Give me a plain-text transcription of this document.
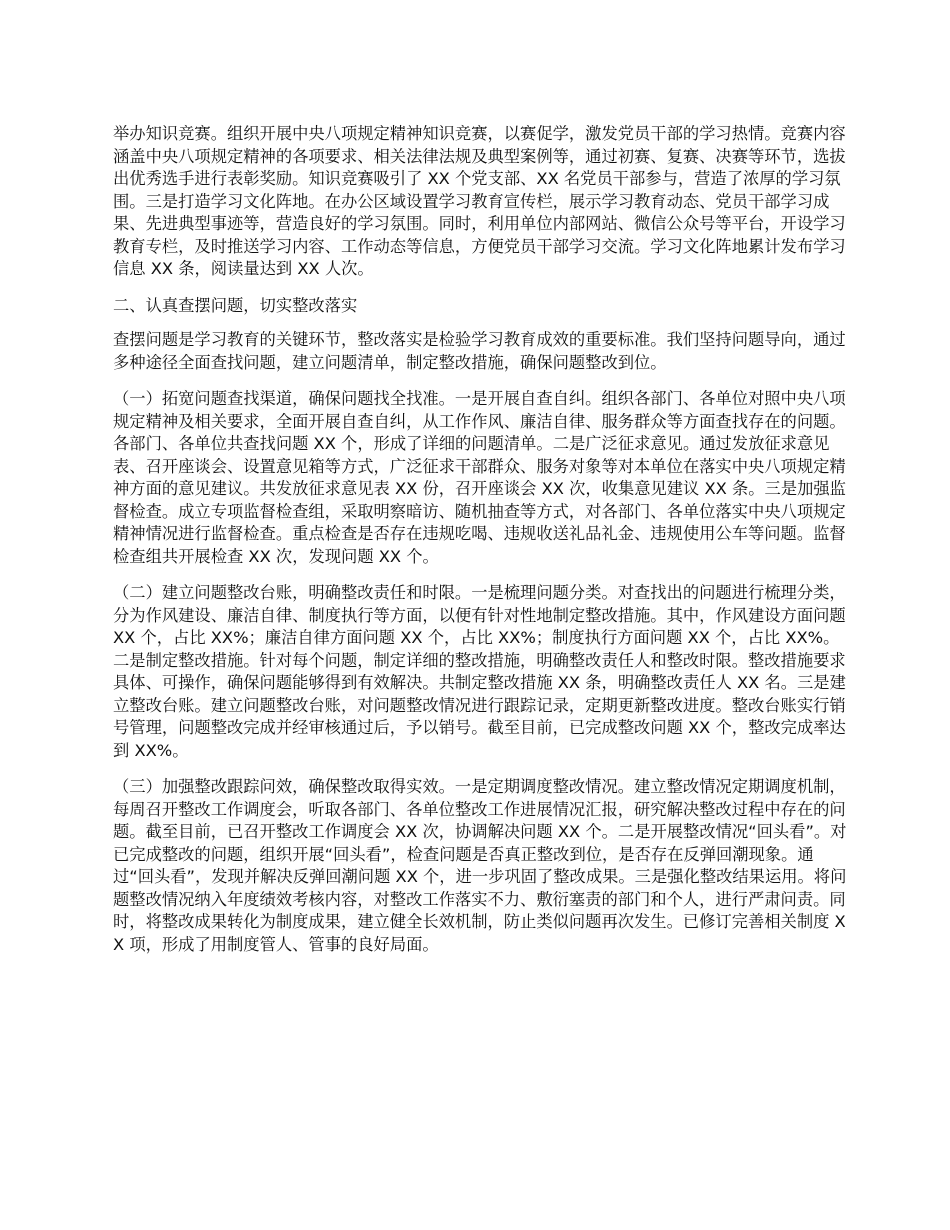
举办知识竞赛。组织开展中央八项规定精神知识竞赛，以赛促学，激发党员干部的学习热情。竞赛内容涵盖中央八项规定精神的各项要求、相关法律法规及典型案例等，通过初赛、复赛、决赛等环节，选拔出优秀选手进行表彰奖励。知识竞赛吸引了 XX 个党支部、XX 名党员干部参与，营造了浓厚的学习氛围。三是打造学习文化阵地。在办公区域设置学习教育宣传栏，展示学习教育动态、党员干部学习成果、先进典型事迹等，营造良好的学习氛围。同时，利用单位内部网站、微信公众号等平台，开设学习教育专栏，及时推送学习内容、工作动态等信息，方便党员干部学习交流。学习文化阵地累计发布学习信息 XX 条，阅读量达到 XX 人次。

二、认真查摆问题，切实整改落实

查摆问题是学习教育的关键环节，整改落实是检验学习教育成效的重要标准。我们坚持问题导向，通过多种途径全面查找问题，建立问题清单，制定整改措施，确保问题整改到位。

（一）拓宽问题查找渠道，确保问题找全找准。一是开展自查自纠。组织各部门、各单位对照中央八项规定精神及相关要求，全面开展自查自纠，从工作作风、廉洁自律、服务群众等方面查找存在的问题。各部门、各单位共查找问题 XX 个，形成了详细的问题清单。二是广泛征求意见。通过发放征求意见表、召开座谈会、设置意见箱等方式，广泛征求干部群众、服务对象等对本单位在落实中央八项规定精神方面的意见建议。共发放征求意见表 XX 份，召开座谈会 XX 次，收集意见建议 XX 条。三是加强监督检查。成立专项监督检查组，采取明察暗访、随机抽查等方式，对各部门、各单位落实中央八项规定精神情况进行监督检查。重点检查是否存在违规吃喝、违规收送礼品礼金、违规使用公车等问题。监督检查组共开展检查 XX 次，发现问题 XX 个。

（二）建立问题整改台账，明确整改责任和时限。一是梳理问题分类。对查找出的问题进行梳理分类，分为作风建设、廉洁自律、制度执行等方面，以便有针对性地制定整改措施。其中，作风建设方面问题 XX 个，占比 XX%；廉洁自律方面问题 XX 个，占比 XX%；制度执行方面问题 XX 个，占比 XX%。二是制定整改措施。针对每个问题，制定详细的整改措施，明确整改责任人和整改时限。整改措施要求具体、可操作，确保问题能够得到有效解决。共制定整改措施 XX 条，明确整改责任人 XX 名。三是建立整改台账。建立问题整改台账，对问题整改情况进行跟踪记录，定期更新整改进度。整改台账实行销号管理，问题整改完成并经审核通过后，予以销号。截至目前，已完成整改问题 XX 个，整改完成率达到 XX%。

（三）加强整改跟踪问效，确保整改取得实效。一是定期调度整改情况。建立整改情况定期调度机制，每周召开整改工作调度会，听取各部门、各单位整改工作进展情况汇报，研究解决整改过程中存在的问题。截至目前，已召开整改工作调度会 XX 次，协调解决问题 XX 个。二是开展整改情况“回头看”。对已完成整改的问题，组织开展“回头看”，检查问题是否真正整改到位，是否存在反弹回潮现象。通过“回头看”，发现并解决反弹回潮问题 XX 个，进一步巩固了整改成果。三是强化整改结果运用。将问题整改情况纳入年度绩效考核内容，对整改工作落实不力、敷衍塞责的部门和个人，进行严肃问责。同时，将整改成果转化为制度成果，建立健全长效机制，防止类似问题再次发生。已修订完善相关制度 XX 项，形成了用制度管人、管事的良好局面。
